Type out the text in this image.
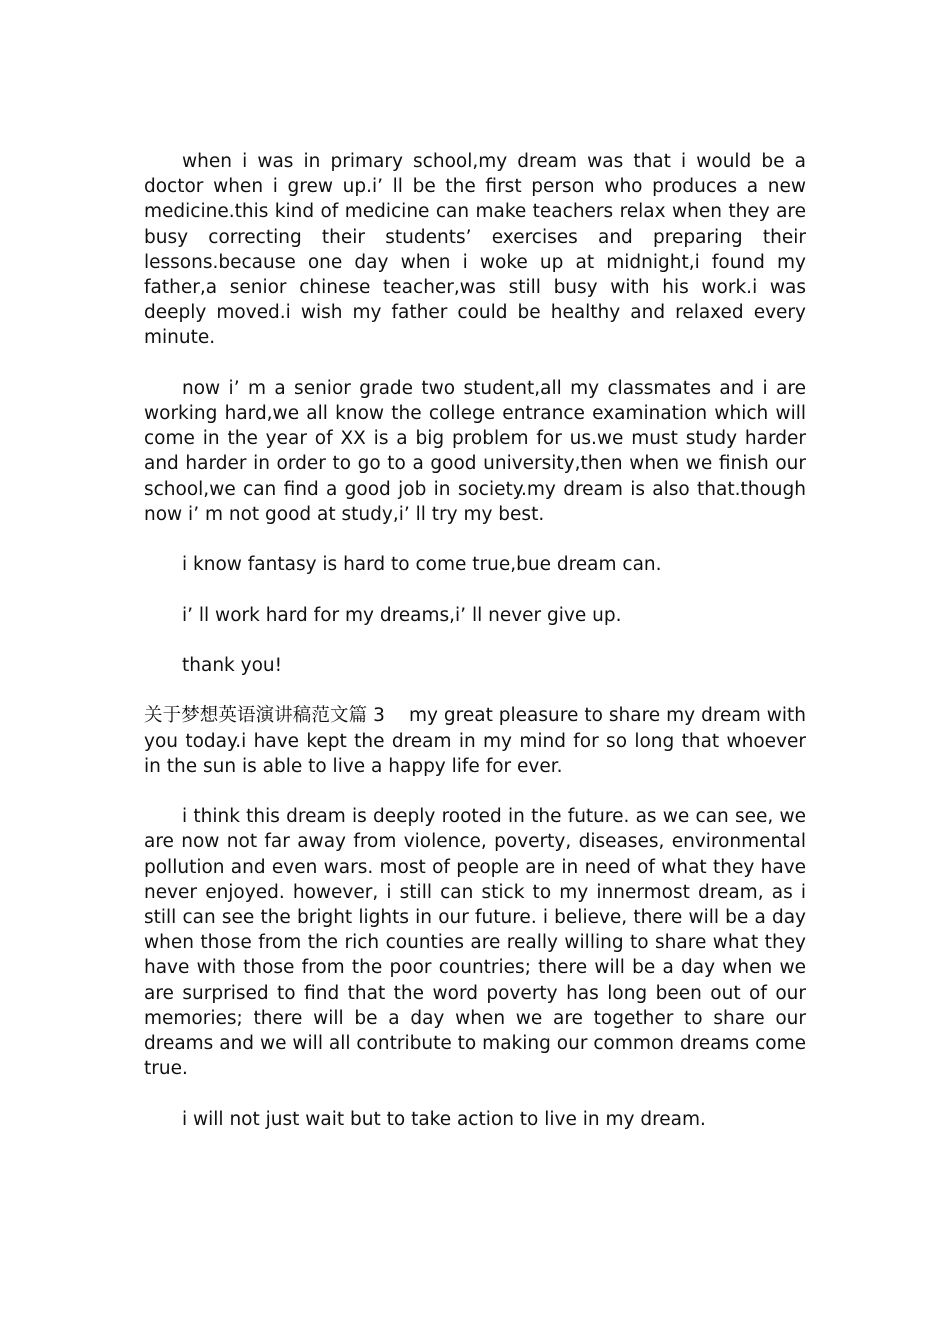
when i was in primary school,my dream was that i would be a doctor when i grew up.i’ ll be the first person who produces a new medicine.this kind of medicine can make teachers relax when they are busy correcting their students’ exercises and preparing their lessons.because one day when i woke up at midnight,i found my father,a senior chinese teacher,was still busy with his work.i was deeply moved.i wish my father could be healthy and relaxed every minute.

now i’ m a senior grade two student,all my classmates and i are working hard,we all know the college entrance examination which will come in the year of XX is a big problem for us.we must study harder and harder in order to go to a good university,then when we finish our school,we can find a good job in society.my dream is also that.though now i’ m not good at study,i’ ll try my best.

i know fantasy is hard to come true,bue dream can.

i’ ll work hard for my dreams,i’ ll never give up.

thank you!

关于梦想英语演讲稿范文篇 3 my great pleasure to share my dream with you today.i have kept the dream in my mind for so long that whoever in the sun is able to live a happy life for ever.

i think this dream is deeply rooted in the future. as we can see, we are now not far away from violence, poverty, diseases, environmental pollution and even wars. most of people are in need of what they have never enjoyed. however, i still can stick to my innermost dream, as i still can see the bright lights in our future. i believe, there will be a day when those from the rich counties are really willing to share what they have with those from the poor countries; there will be a day when we are surprised to find that the word poverty has long been out of our memories; there will be a day when we are together to share our dreams and we will all contribute to making our common dreams come true.

i will not just wait but to take action to live in my dream.
